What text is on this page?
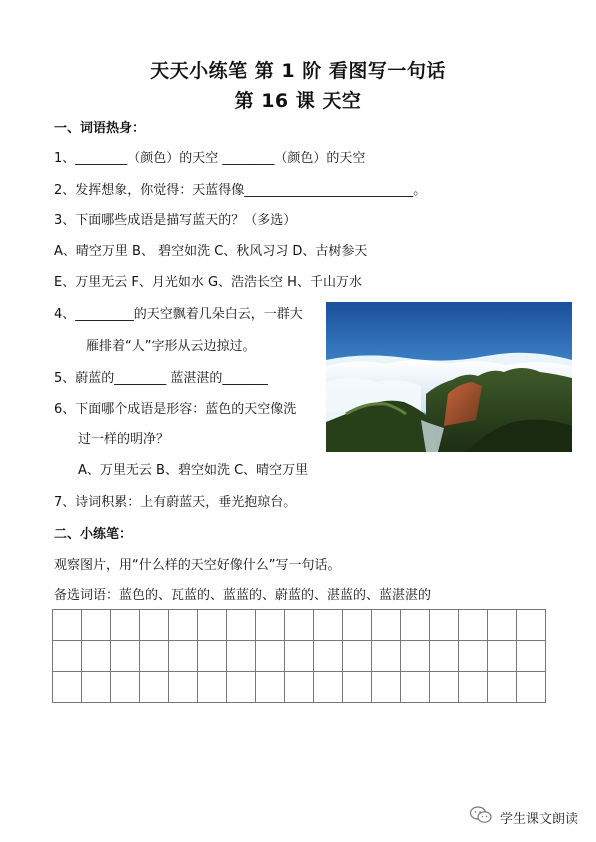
天天小练笔 第 1 阶 看图写一句话
第 16 课 天空
一、词语热身：
1、________（颜色）的天空 ________（颜色）的天空
2、发挥想象，你觉得：天蓝得像__________________________。
3、下面哪些成语是描写蓝天的？（多选）
A、晴空万里 B、 碧空如洗 C、秋风习习 D、古树参天
E、万里无云 F、月光如水 G、浩浩长空 H、千山万水
4、_________的天空飘着几朵白云，一群大
雁排着“人”字形从云边掠过。
5、蔚蓝的________ 蓝湛湛的_______
6、下面哪个成语是形容：蓝色的天空像洗
过一样的明净？
A、万里无云 B、碧空如洗 C、晴空万里
7、诗词积累：上有蔚蓝天，垂光抱琼台。
二、小练笔：
观察图片，用“什么样的天空好像什么”写一句话。
备选词语：蓝色的、瓦蓝的、蓝蓝的、蔚蓝的、湛蓝的、蓝湛湛的

学生课文朗读
